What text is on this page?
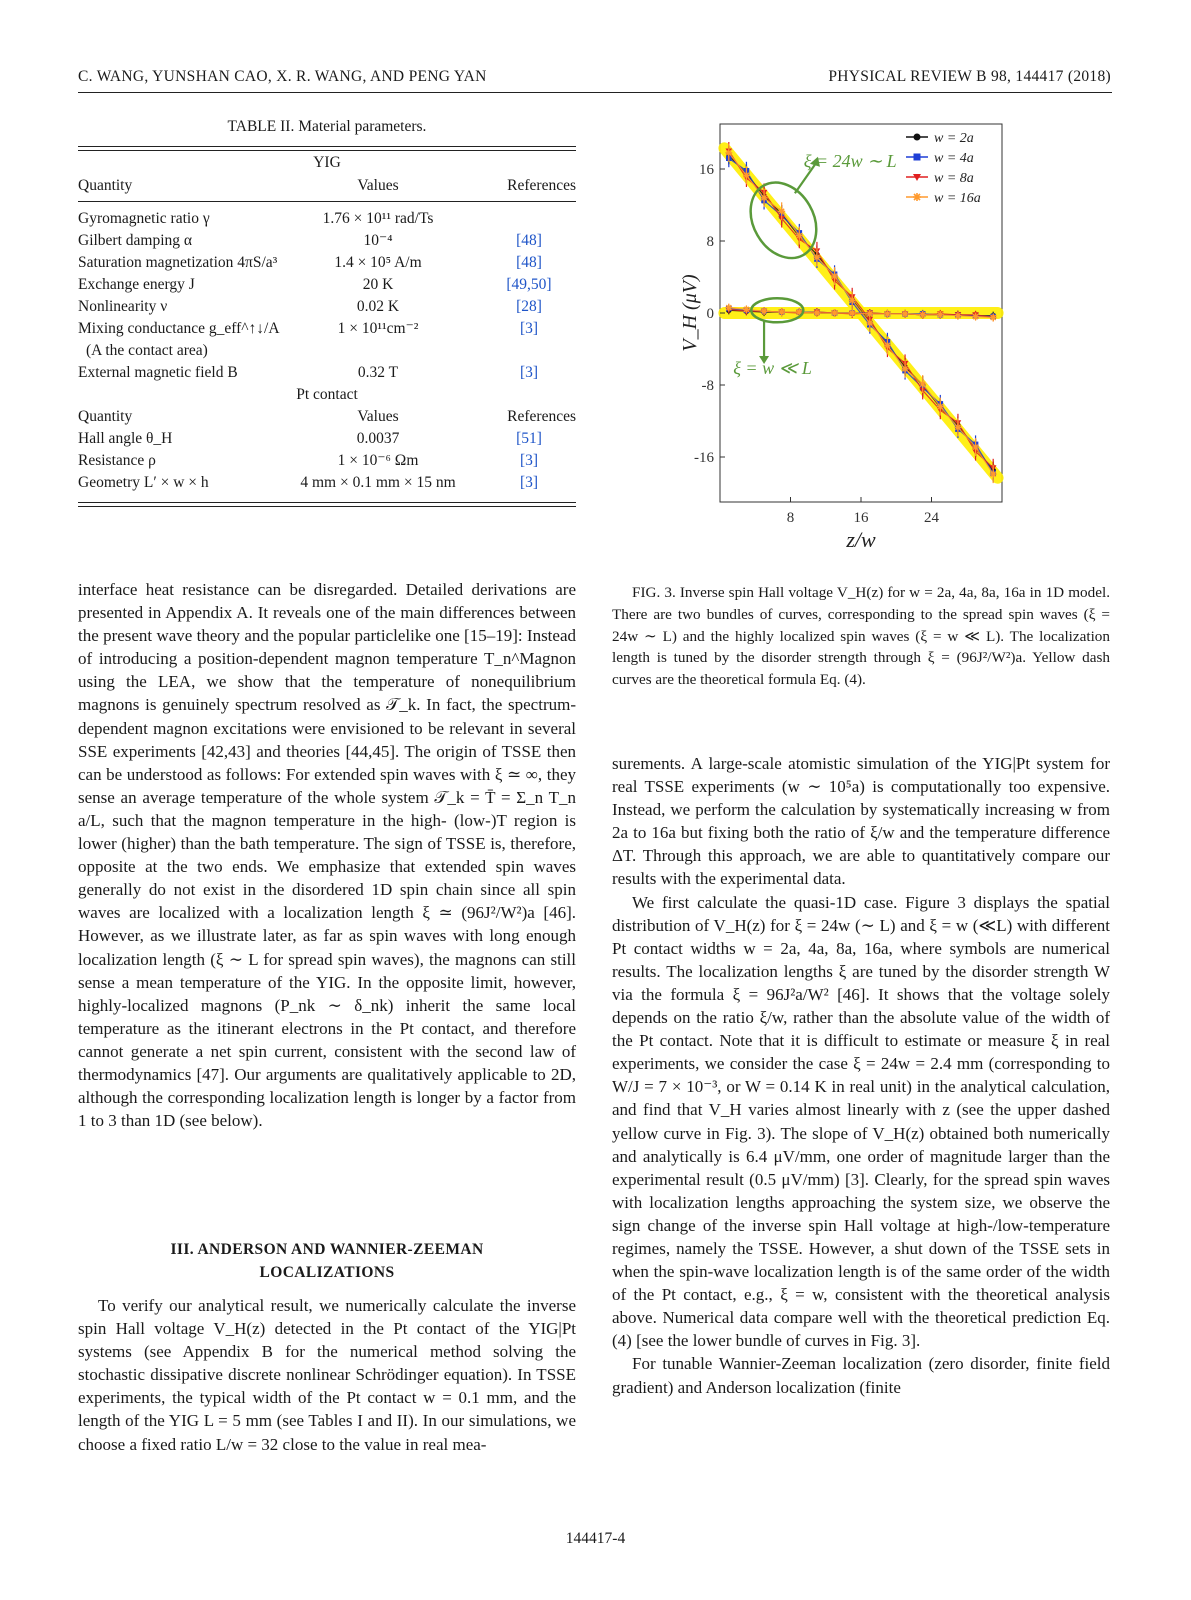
C. WANG, YUNSHAN CAO, X. R. WANG, AND PENG YAN	PHYSICAL REVIEW B 98, 144417 (2018)
TABLE II. Material parameters.
YIG
Quantity	Values	References
Gyromagnetic ratio γ	1.76 × 10¹¹ rad/Ts
Gilbert damping α	10⁻⁴	[48]
Saturation magnetization 4πS/a³	1.4 × 10⁵ A/m	[48]
Exchange energy J	20 K	[49,50]
Nonlinearity ν	0.02 K	[28]
Mixing conductance g_eff^↑↓/A	1 × 10¹¹cm⁻²	[3]
(A the contact area)
External magnetic field B	0.32 T	[3]
Pt contact
Quantity	Values	References
Hall angle θ_H	0.0037	[51]
Resistance ρ	1 × 10⁻⁶ Ωm	[3]
Geometry L′ × w × h	4 mm × 0.1 mm × 15 nm	[3]

interface heat resistance can be disregarded. Detailed derivations are presented in Appendix A. It reveals one of the main differences between the present wave theory and the popular particlelike one [15–19]: Instead of introducing a position-dependent magnon temperature T_n^Magnon using the LEA, we show that the temperature of nonequilibrium magnons is genuinely spectrum resolved as 𝒯_k. In fact, the spectrum-dependent magnon excitations were envisioned to be relevant in several SSE experiments [42,43] and theories [44,45]. The origin of TSSE then can be understood as follows: For extended spin waves with ξ ≃ ∞, they sense an average temperature of the whole system 𝒯_k = T̄ = Σ_n T_n a/L, such that the magnon temperature in the high- (low-)T region is lower (higher) than the bath temperature. The sign of TSSE is, therefore, opposite at the two ends. We emphasize that extended spin waves generally do not exist in the disordered 1D spin chain since all spin waves are localized with a localization length ξ ≃ (96J²/W²)a [46]. However, as we illustrate later, as far as spin waves with long enough localization length (ξ ∼ L for spread spin waves), the magnons can still sense a mean temperature of the YIG. In the opposite limit, however, highly-localized magnons (P_nk ∼ δ_nk) inherit the same local temperature as the itinerant electrons in the Pt contact, and therefore cannot generate a net spin current, consistent with the second law of thermodynamics [47]. Our arguments are qualitatively applicable to 2D, although the corresponding localization length is longer by a factor from 1 to 3 than 1D (see below).

III. ANDERSON AND WANNIER-ZEEMAN
LOCALIZATIONS

To verify our analytical result, we numerically calculate the inverse spin Hall voltage V_H(z) detected in the Pt contact of the YIG|Pt systems (see Appendix B for the numerical method solving the stochastic dissipative discrete nonlinear Schrödinger equation). In TSSE experiments, the typical width of the Pt contact w = 0.1 mm, and the length of the YIG L = 5 mm (see Tables I and II). In our simulations, we choose a fixed ratio L/w = 32 close to the value in real mea-

8	16	24
16
8
0
-8
-16
z/w
V_H (μV)
ξ = 24w ∼ L
ξ = w ≪ L
w = 2a
w = 4a
w = 8a
w = 16a

FIG. 3. Inverse spin Hall voltage V_H(z) for w = 2a, 4a, 8a, 16a in 1D model. There are two bundles of curves, corresponding to the spread spin waves (ξ = 24w ∼ L) and the highly localized spin waves (ξ = w ≪ L). The localization length is tuned by the disorder strength through ξ = (96J²/W²)a. Yellow dash curves are the theoretical formula Eq. (4).

surements. A large-scale atomistic simulation of the YIG|Pt system for real TSSE experiments (w ∼ 10⁵a) is computationally too expensive. Instead, we perform the calculation by systematically increasing w from 2a to 16a but fixing both the ratio of ξ/w and the temperature difference ΔT. Through this approach, we are able to quantitatively compare our results with the experimental data.

We first calculate the quasi-1D case. Figure 3 displays the spatial distribution of V_H(z) for ξ = 24w (∼ L) and ξ = w (≪L) with different Pt contact widths w = 2a, 4a, 8a, 16a, where symbols are numerical results. The localization lengths ξ are tuned by the disorder strength W via the formula ξ = 96J²a/W² [46]. It shows that the voltage solely depends on the ratio ξ/w, rather than the absolute value of the width of the Pt contact. Note that it is difficult to estimate or measure ξ in real experiments, we consider the case ξ = 24w = 2.4 mm (corresponding to W/J = 7 × 10⁻³, or W = 0.14 K in real unit) in the analytical calculation, and find that V_H varies almost linearly with z (see the upper dashed yellow curve in Fig. 3). The slope of V_H(z) obtained both numerically and analytically is 6.4 μV/mm, one order of magnitude larger than the experimental result (0.5 μV/mm) [3]. Clearly, for the spread spin waves with localization lengths approaching the system size, we observe the sign change of the inverse spin Hall voltage at high-/low-temperature regimes, namely the TSSE. However, a shut down of the TSSE sets in when the spin-wave localization length is of the same order of the width of the Pt contact, e.g., ξ = w, consistent with the theoretical analysis above. Numerical data compare well with the theoretical prediction Eq. (4) [see the lower bundle of curves in Fig. 3].

For tunable Wannier-Zeeman localization (zero disorder, finite field gradient) and Anderson localization (finite

144417-4
